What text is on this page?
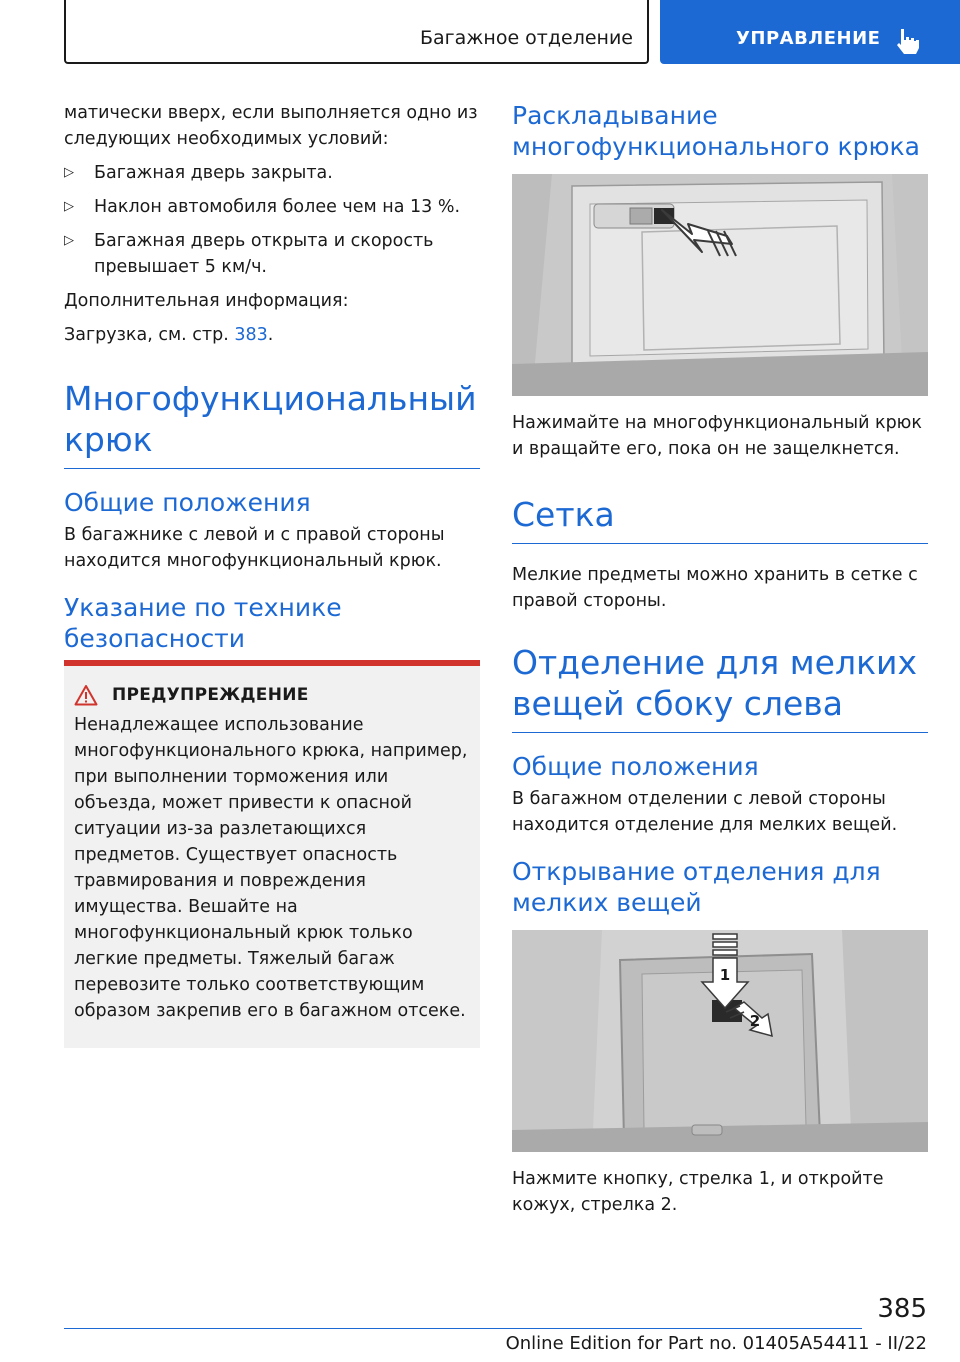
Багажное отделение	УПРАВЛЕНИЕ

матически вверх, если выполняется одно из следующих необходимых условий:

▷ Багажная дверь закрыта.
▷ Наклон автомобиля более чем на 13 %.
▷ Багажная дверь открыта и скорость превышает 5 км/ч.

Дополнительная информация:

Загрузка, см. стр. 383.

Многофункциональный крюк
Общие положения

В багажнике с левой и с правой стороны находится многофункциональный крюк.

Указание по технике безопасности
ПРЕДУПРЕЖДЕНИЕ

Ненадлежащее использование многофункционального крюка, например, при выполнении торможения или объезда, может привести к опасной ситуации из-за разлетающихся предметов. Существует опасность травмирования и повреждения имущества. Вешайте на многофункциональный крюк только легкие предметы. Тяжелый багаж перевозите только соответствующим образом закрепив его в багажном отсеке.

Раскладывание многофункционального крюка

Нажимайте на многофункциональный крюк и вращайте его, пока он не защелкнется.

Сетка

Мелкие предметы можно хранить в сетке с правой стороны.

Отделение для мелких вещей сбоку слева
Общие положения

В багажном отделении с левой стороны находится отделение для мелких вещей.

Открывание отделения для мелких вещей
1
2

Нажмите кнопку, стрелка 1, и откройте кожух, стрелка 2.

385
Online Edition for Part no. 01405A54411 - II/22
